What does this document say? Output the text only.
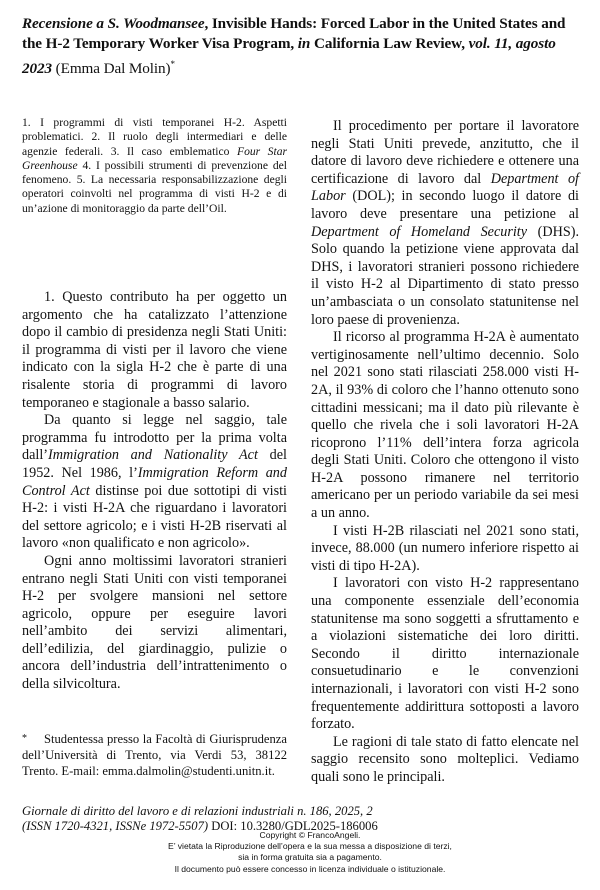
Recensione a S. Woodmansee, Invisible Hands: Forced Labor in the United States and the H-2 Temporary Worker Visa Program, in California Law Review, vol. 11, agosto 2023 (Emma Dal Molin)*
1. I programmi di visti temporanei H-2. Aspetti problematici. 2. Il ruolo degli intermediari e delle agenzie federali. 3. Il caso emblematico Four Star Greenhouse 4. I possibili strumenti di prevenzione del fenomeno. 5. La necessaria responsabilizzazione degli operatori coinvolti nel programma di visti H-2 e di un’azione di monitoraggio da parte dell’Oil.

1. Questo contributo ha per oggetto un argomento che ha catalizzato l’attenzione dopo il cambio di presidenza negli Stati Uniti: il programma di visti per il lavoro che viene indicato con la sigla H-2 che è parte di una risalente storia di programmi di lavoro temporaneo e stagionale a basso salario.

Da quanto si legge nel saggio, tale programma fu introdotto per la prima volta dall’Immigration and Nationality Act del 1952. Nel 1986, l’Immigration Reform and Control Act distinse poi due sottotipi di visti H-2: i visti H-2A che riguardano i lavoratori del settore agricolo; e i visti H-2B riservati al lavoro «non qualificato e non agricolo».

Ogni anno moltissimi lavoratori stranieri entrano negli Stati Uniti con visti temporanei H-2 per svolgere mansioni nel settore agricolo, oppure per eseguire lavori nell’ambito dei servizi alimentari, dell’edilizia, del giardinaggio, pulizie o ancora dell’industria dell’intrattenimento o della silvicoltura.

* Studentessa presso la Facoltà di Giurisprudenza dell’Università di Trento, via Verdi 53, 38122 Trento. E-mail: emma.dalmolin@studenti.unitn.it.

Il procedimento per portare il lavoratore negli Stati Uniti prevede, anzitutto, che il datore di lavoro deve richiedere e ottenere una certificazione di lavoro dal Department of Labor (DOL); in secondo luogo il datore di lavoro deve presentare una petizione al Department of Homeland Security (DHS). Solo quando la petizione viene approvata dal DHS, i lavoratori stranieri possono richiedere il visto H-2 al Dipartimento di stato presso un’ambasciata o un consolato statunitense nel loro paese di provenienza.

Il ricorso al programma H-2A è aumentato vertiginosamente nell’ultimo decennio. Solo nel 2021 sono stati rilasciati 258.000 visti H-2A, il 93% di coloro che l’hanno ottenuto sono cittadini messicani; ma il dato più rilevante è quello che rivela che i soli lavoratori H-2A ricoprono l’11% dell’intera forza agricola degli Stati Uniti. Coloro che ottengono il visto H-2A possono rimanere nel territorio americano per un periodo variabile da sei mesi a un anno.

I visti H-2B rilasciati nel 2021 sono stati, invece, 88.000 (un numero inferiore rispetto ai visti di tipo H-2A).

I lavoratori con visto H-2 rappresentano una componente essenziale dell’economia statunitense ma sono soggetti a sfruttamento e a violazioni sistematiche dei loro diritti. Secondo il diritto internazionale consuetudinario e le convenzioni internazionali, i lavoratori con visti H-2 sono frequentemente addirittura sottoposti a lavoro forzato.

Le ragioni di tale stato di fatto elencate nel saggio recensito sono molteplici. Vediamo quali sono le principali.

Giornale di diritto del lavoro e di relazioni industriali n. 186, 2025, 2
(ISSN 1720-4321, ISSNe 1972-5507) DOI: 10.3280/GDL2025-186006
Copyright © FrancoAngeli.
E’ vietata la Riproduzione dell’opera e la sua messa a disposizione di terzi,
sia in forma gratuita sia a pagamento.
Il documento può essere concesso in licenza individuale o istituzionale.
